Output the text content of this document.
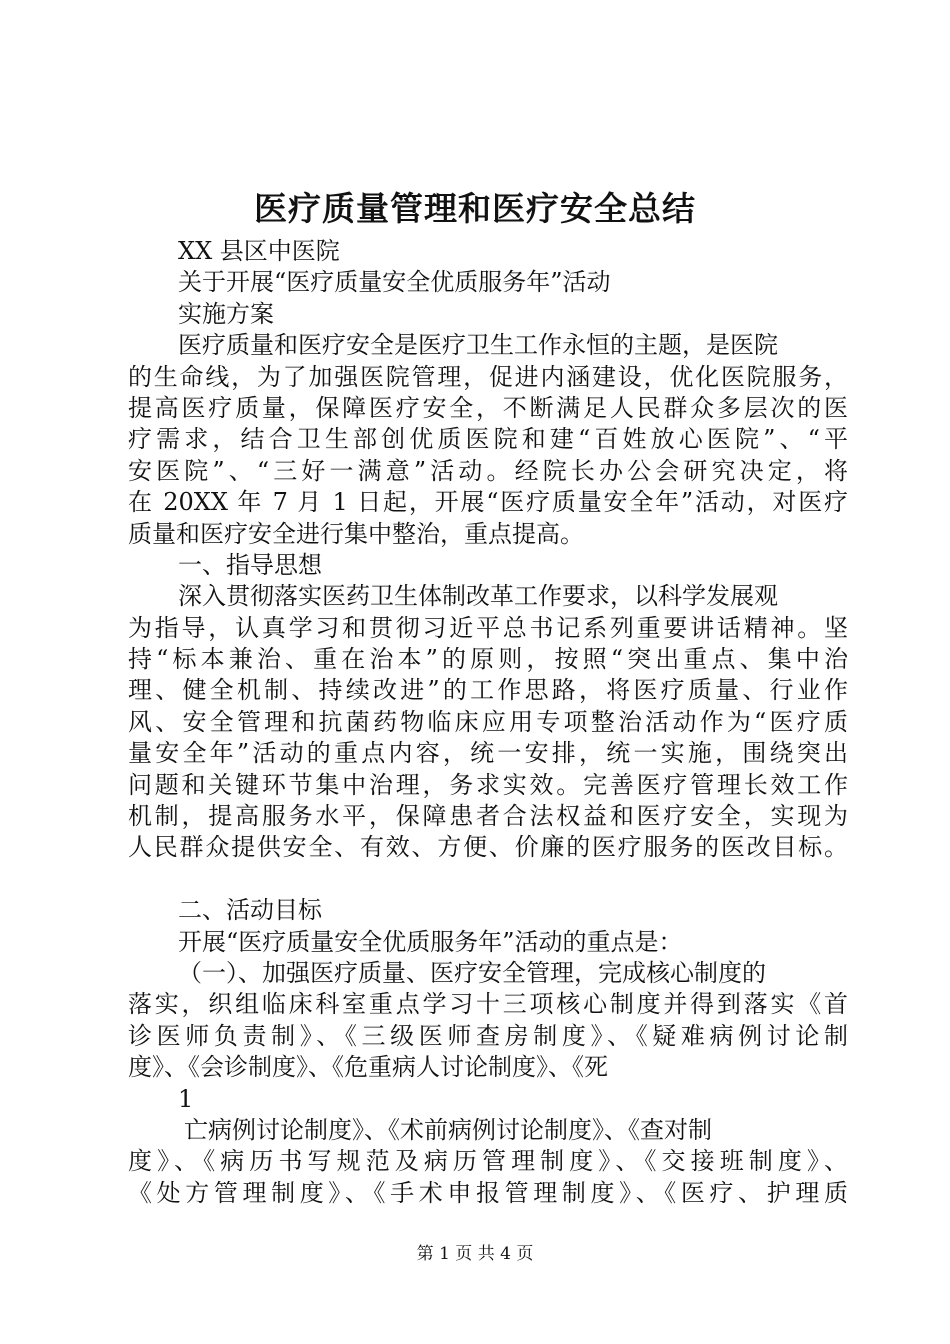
医疗质量管理和医疗安全总结
XX 县区中医院
关于开展“医疗质量安全优质服务年”活动
实施方案
医疗质量和医疗安全是医疗卫生工作永恒的主题，是医院
的生命线，为了加强医院管理，促进内涵建设，优化医院服务，
提高医疗质量，保障医疗安全，不断满足人民群众多层次的医
疗需求，结合卫生部创优质医院和建“百姓放心医院”、“平
安医院”、“三好一满意”活动。经院长办公会研究决定，将
在 20XX 年 7 月 1 日起，开展“医疗质量安全年”活动，对医疗
质量和医疗安全进行集中整治，重点提高。
一、指导思想
深入贯彻落实医药卫生体制改革工作要求，以科学发展观
为指导，认真学习和贯彻习近平总书记系列重要讲话精神。坚
持“标本兼治、重在治本”的原则，按照“突出重点、集中治
理、健全机制、持续改进”的工作思路，将医疗质量、行业作
风、安全管理和抗菌药物临床应用专项整治活动作为“医疗质
量安全年”活动的重点内容，统一安排，统一实施，围绕突出
问题和关键环节集中治理，务求实效。完善医疗管理长效工作
机制，提高服务水平，保障患者合法权益和医疗安全，实现为
人民群众提供安全、有效、方便、价廉的医疗服务的医改目标。
二、活动目标
开展“医疗质量安全优质服务年”活动的重点是：
（一）、加强医疗质量、医疗安全管理，完成核心制度的
落实，织组临床科室重点学习十三项核心制度并得到落实《首
诊医师负责制》、《三级医师查房制度》、《疑难病例讨论制
度》、《会诊制度》、《危重病人讨论制度》、《死
1
亡病例讨论制度》、《术前病例讨论制度》、《查对制
度》、《病历书写规范及病历管理制度》、《交接班制度》、
《处方管理制度》、《手术申报管理制度》、《医疗、护理质
第 1 页 共 4 页
